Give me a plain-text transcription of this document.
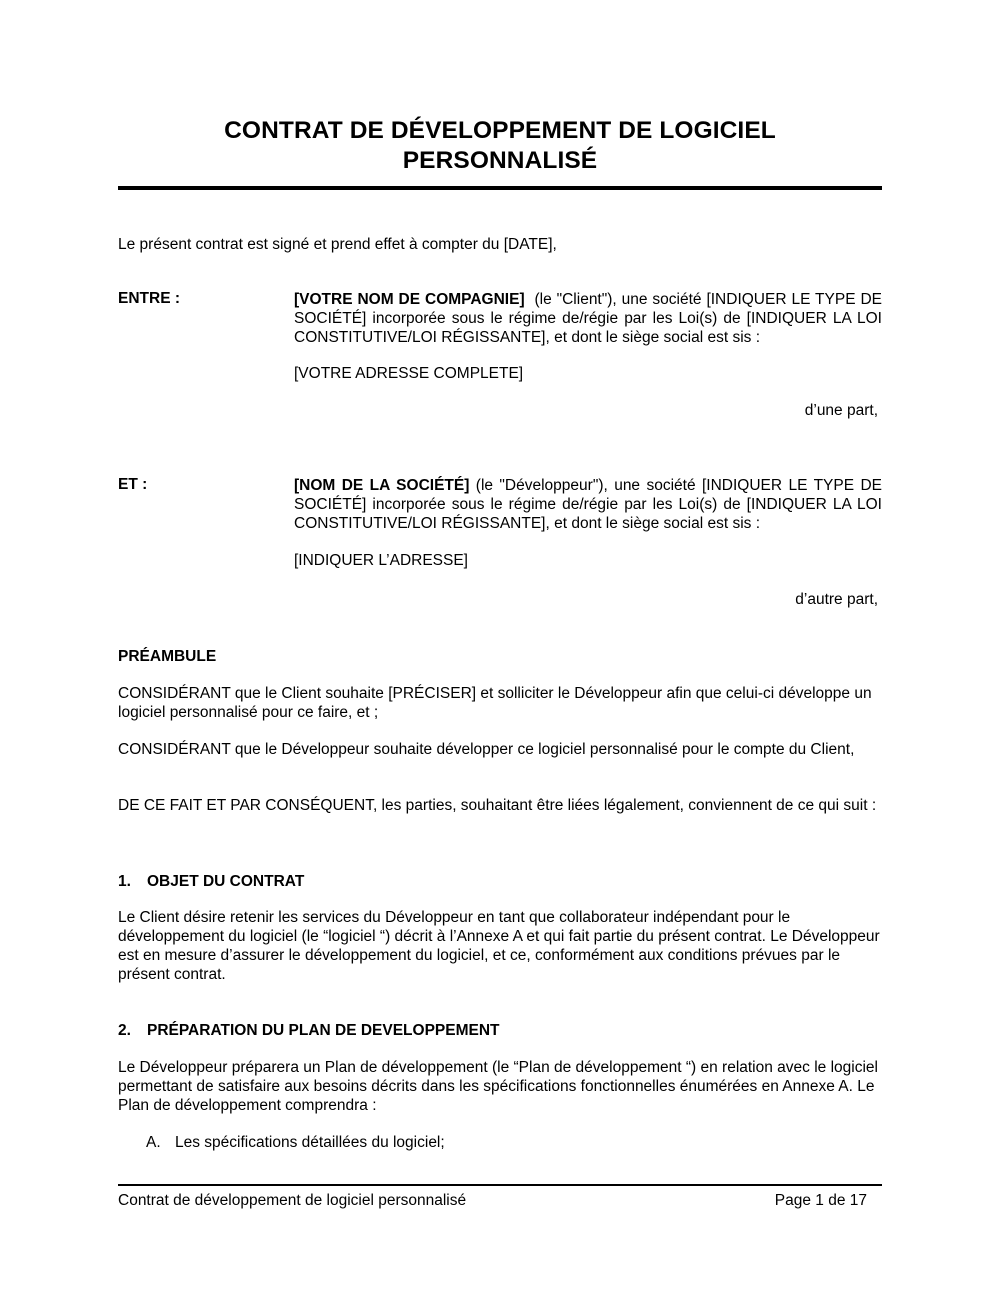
CONTRAT DE DÉVELOPPEMENT DE LOGICIEL
PERSONNALISÉ
Le présent contrat est signé et prend effet à compter du [DATE],
ENTRE :	[VOTRE NOM DE COMPAGNIE]  (le "Client"), une société [INDIQUER LE TYPE DE SOCIÉTÉ] incorporée sous le régime de/régie par les Loi(s) de [INDIQUER LA LOI CONSTITUTIVE/LOI RÉGISSANTE], et dont le siège social est sis :
[VOTRE ADRESSE COMPLETE]
d’une part,
ET :	[NOM DE LA SOCIÉTÉ] (le "Développeur"), une société [INDIQUER LE TYPE DE SOCIÉTÉ] incorporée sous le régime de/régie par les Loi(s) de [INDIQUER LA LOI CONSTITUTIVE/LOI RÉGISSANTE], et dont le siège social est sis :
[INDIQUER L’ADRESSE]
d’autre part,
PRÉAMBULE
CONSIDÉRANT que le Client souhaite [PRÉCISER] et solliciter le Développeur afin que celui-ci développe un logiciel personnalisé pour ce faire, et ;
CONSIDÉRANT que le Développeur souhaite développer ce logiciel personnalisé pour le compte du Client,
DE CE FAIT ET PAR CONSÉQUENT, les parties, souhaitant être liées légalement, conviennent de ce qui suit :
1. OBJET DU CONTRAT
Le Client désire retenir les services du Développeur en tant que collaborateur indépendant pour le développement du logiciel (le “logiciel “) décrit à l’Annexe A et qui fait partie du présent contrat. Le Développeur est en mesure d’assurer le développement du logiciel, et ce, conformément aux conditions prévues par le présent contrat.
2. PRÉPARATION DU PLAN DE DEVELOPPEMENT
Le Développeur préparera un Plan de développement (le “Plan de développement “) en relation avec le logiciel permettant de satisfaire aux besoins décrits dans les spécifications fonctionnelles énumérées en Annexe A. Le Plan de développement comprendra :
A. Les spécifications détaillées du logiciel;
Contrat de développement de logiciel personnalisé	Page 1 de 17
